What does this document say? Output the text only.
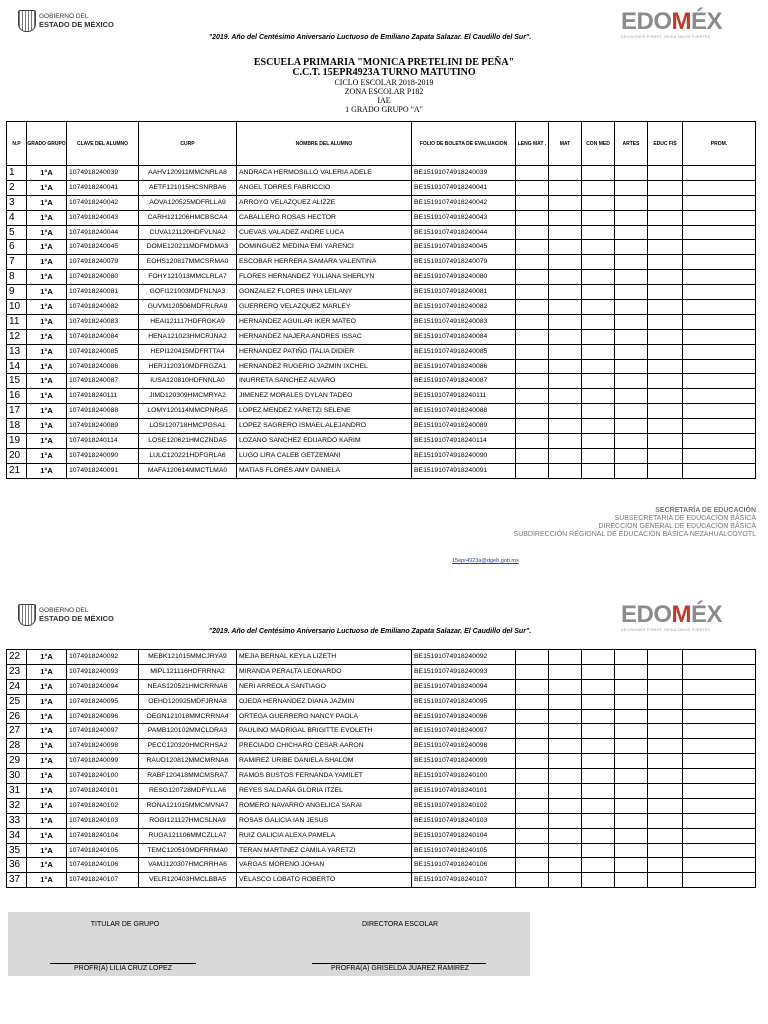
GOBIERNO DEL
ESTADO DE MÉXICO	EDOMÉX
DECISIONES FIRMES, RESULTADOS FUERTES.
"2019. Año del Centésimo Aniversario Luctuoso de Emiliano Zapata Salazar. El Caudillo del Sur".
ESCUELA PRIMARIA "MONICA PRETELINI DE PEÑA"
C.C.T. 15EPR4923A TURNO MATUTINO
CICLO ESCOLAR 2018-2019
ZONA ESCOLAR P182
IAE
1 GRADO GRUPO "A"
N.P	GRADO GRUPO	CLAVE DEL ALUMNO	CURP	NOMBRE DEL ALUMNO	FOLIO DE BOLETA DE EVALUACION	LENG MAT .	MAT	CON MED	ARTES	EDUC FIS	PROM.
1	1°A	1074918240039	AAHV120911MMCNRLA8	ANDRACA HERMOSILLO VALERIA ADELE	BE15191074918240039						
2	1°A	1074918240041	AETF121015HCSNRBA6	ANGEL TORRES FABRICCIO	BE15191074918240041						
3	1°A	1074918240042	AOVA120525MDFRLLA9	ARROYO VELAZQUEZ ALIZZE	BE15191074918240042						
4	1°A	1074918240043	CARH121206HMCBSCA4	CABALLERO ROSAS HECTOR	BE15191074918240043						
5	1°A	1074918240044	CUVA121120HDFVLNA2	CUEVAS VALADEZ ANDRE LUCA	BE15191074918240044						
6	1°A	1074918240045	DOME120211MDFMDMA3	DOMINGUEZ MEDINA EMI YARENCI	BE15191074918240045						
7	1°A	1074918240079	EOHS120817MMCSRMA0	ESCOBAR HERRERA SAMARA VALENTINA	BE15191074918240079						
8	1°A	1074918240080	FOHY121013MMCLRLA7	FLORES HERNANDEZ YULIANA SHERLYN	BE15191074918240080						
9	1°A	1074918240081	GOFI121003MDFNLNA3	GONZALEZ FLORES INHA LEILANY	BE15191074918240081						
10	1°A	1074918240082	GUVM120506MDFRLRA9	GUERRERO VELAZQUEZ MARLEY	BE15191074918240082						
11	1°A	1074918240083	HEAI121117HDFRGKA9	HERNANDEZ AGUILAR IKER MATEO	BE15191074918240083						
12	1°A	1074918240084	HENA121023HMCRJNA2	HERNANDEZ NAJERA ANDRES ISSAC	BE15191074918240084						
13	1°A	1074918240085	HEPI120415MDFRTTA4	HERNANDEZ PATIÑO ITALIA DIDIER	BE15191074918240085						
14	1°A	1074918240086	HERJ120310MDFRGZA1	HERNANDEZ RUGERIO JAZMIN IXCHEL	BE15191074918240086						
15	1°A	1074918240087	IUSA120810HDFNNLA0	INURRETA SANCHEZ ALVARO	BE15191074918240087						
16	1°A	1074918240111	JIMD120309HMCMRYA2	JIMENEZ MORALES DYLAN TADEO	BE15191074918240111						
17	1°A	1074918240088	LOMY120114MMCPNRA5	LOPEZ MENDEZ YARETZI SELENE	BE15191074918240088						
18	1°A	1074918240089	LOSI120718HMCPGSA1	LOPEZ SAGRERO ISMAEL ALEJANDRO	BE15191074918240089						
19	1°A	1074918240114	LOSE120621HMCZNDA5	LOZANO SANCHEZ EDUARDO KARIM	BE15191074918240114						
20	1°A	1074918240090	LULC120221HDFGRLA6	LUGO LIRA CALEB GETZEMANI	BE15191074918240090						
21	1°A	1074918240091	MAFA120614MMCTLMA0	MATIAS FLORES AMY DANIELA	BE15191074918240091						
SECRETARÍA DE EDUCACIÓN
SUBSECRETARÍA DE EDUCACIÓN BÁSICA
DIRECCIÓN GENERAL DE EDUCACIÓN BÁSICA
SUBDIRECCIÓN REGIONAL DE EDUCACIÓN BÁSICA NEZAHUALCÓYOTL
15epr4923a@dgeb.gob.mx
GOBIERNO DEL
ESTADO DE MÉXICO	EDOMÉX
DECISIONES FIRMES, RESULTADOS FUERTES.
"2019. Año del Centésimo Aniversario Luctuoso de Emiliano Zapata Salazar. El Caudillo del Sur".
22	1°A	1074918240092	MEBK121015MMCJRYA9	MEJIA BERNAL KEYLA LIZETH	BE15191074918240092						
23	1°A	1074918240093	MIPL121116HDFRRNA2	MIRANDA PERALTA LEONARDO	BE15191074918240093						
24	1°A	1074918240094	NEAS120521HMCRRNA6	NERI ARREOLA SANTIAGO	BE15191074918240094						
25	1°A	1074918240095	OEHD120925MDFJRNA8	OJEDA HERNANDEZ DIANA JAZMIN	BE15191074918240095						
26	1°A	1074918240096	OEGN121018MMCRRNA4	ORTEGA GUERRERO NANCY PAOLA	BE15191074918240096						
27	1°A	1074918240097	PAMB120102MMCLDRA3	PAULINO MADRIGAL BRIGITTE EVOLETH	BE15191074918240097						
28	1°A	1074918240098	PECC120320HMCRHSA2	PRECIADO CHICHARO CESAR AARON	BE15191074918240098						
29	1°A	1074918240099	RAUD120812MMCMRNA6	RAMIREZ URIBE DANIELA SHALOM	BE15191074918240099						
30	1°A	1074918240100	RABF120418MMCMSRA7	RAMOS BUSTOS FERNANDA YAMILET	BE15191074918240100						
31	1°A	1074918240101	RESG120728MDFYLLA6	REYES SALDAÑA GLORIA ITZEL	BE15191074918240101						
32	1°A	1074918240102	RONA121015MMCMVNA7	ROMERO NAVARRO ANGELICA SARAI	BE15191074918240102						
33	1°A	1074918240103	ROGI121127HMCSLNA9	ROSAS GALICIA IAN JESUS	BE15191074918240103						
34	1°A	1074918240104	RUGA121106MMCZLLA7	RUIZ GALICIA ALEXA PAMELA	BE15191074918240104						
35	1°A	1074918240105	TEMC120510MDFRRMA0	TERAN MARTINEZ CAMILA YARETZI	BE15191074918240105						
36	1°A	1074918240106	VAMJ120307HMCRRHA6	VARGAS MORENO JOHAN	BE15191074918240106						
37	1°A	1074918240107	VELR120403HMCLBBA5	VELASCO LOBATO ROBERTO	BE15191074918240107						
TITULAR DE GRUPO	DIRECTORA ESCOLAR
PROFR(A) LILIA CRUZ LOPEZ	PROFRA(A) GRISELDA JUAREZ RAMIREZ
